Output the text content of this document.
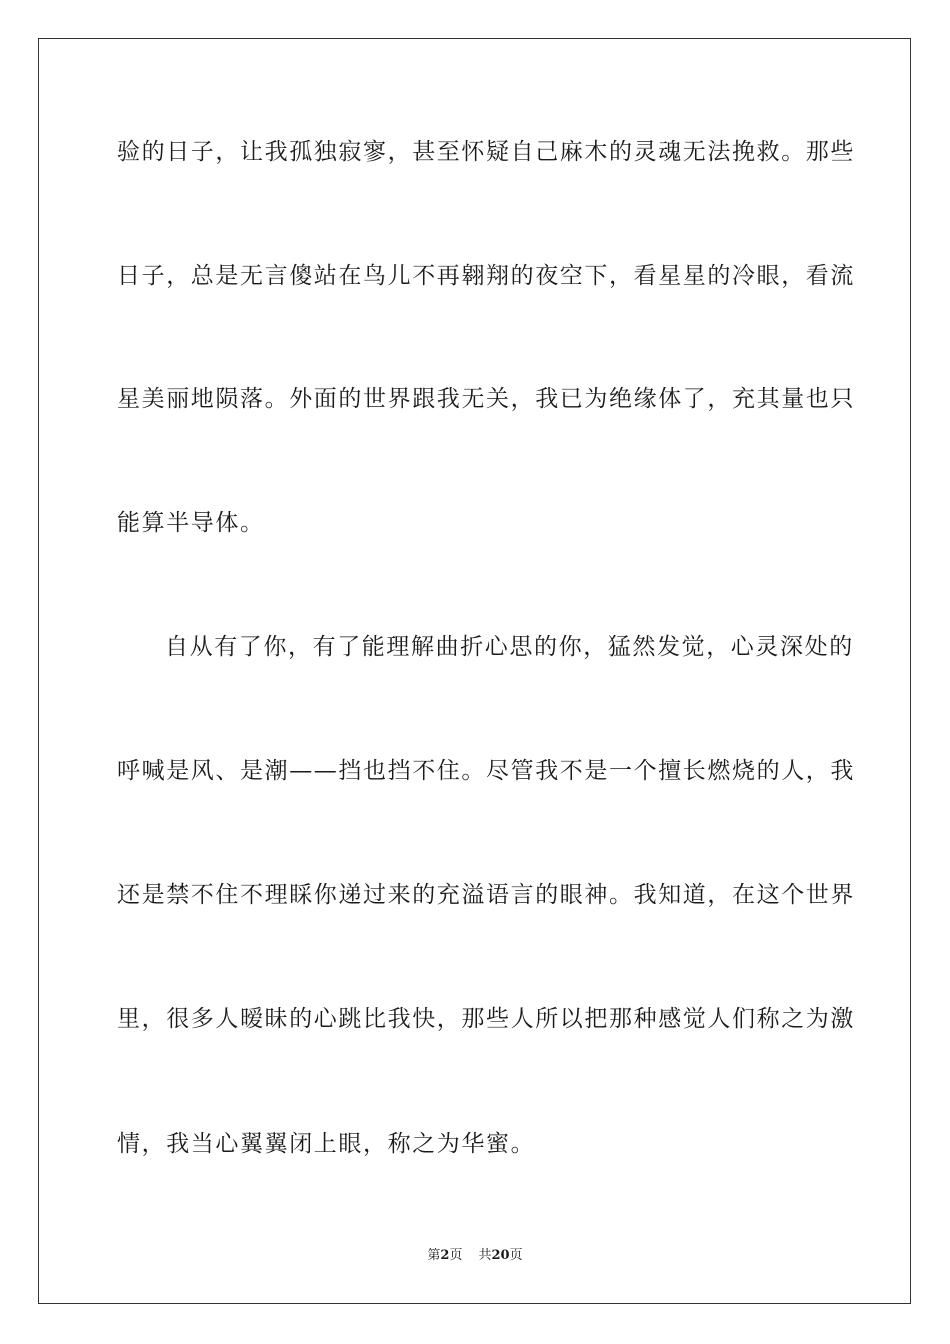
验的日子，让我孤独寂寥，甚至怀疑自己麻木的灵魂无法挽救。那些
日子，总是无言傻站在鸟儿不再翱翔的夜空下，看星星的冷眼，看流
星美丽地陨落。外面的世界跟我无关，我已为绝缘体了，充其量也只
能算半导体。
自从有了你，有了能理解曲折心思的你，猛然发觉，心灵深处的
呼喊是风、是潮——挡也挡不住。尽管我不是一个擅长燃烧的人，我
还是禁不住不理睬你递过来的充溢语言的眼神。我知道，在这个世界
里，很多人暧昧的心跳比我快，那些人所以把那种感觉人们称之为激
情，我当心翼翼闭上眼，称之为华蜜。
第2页 共20页
